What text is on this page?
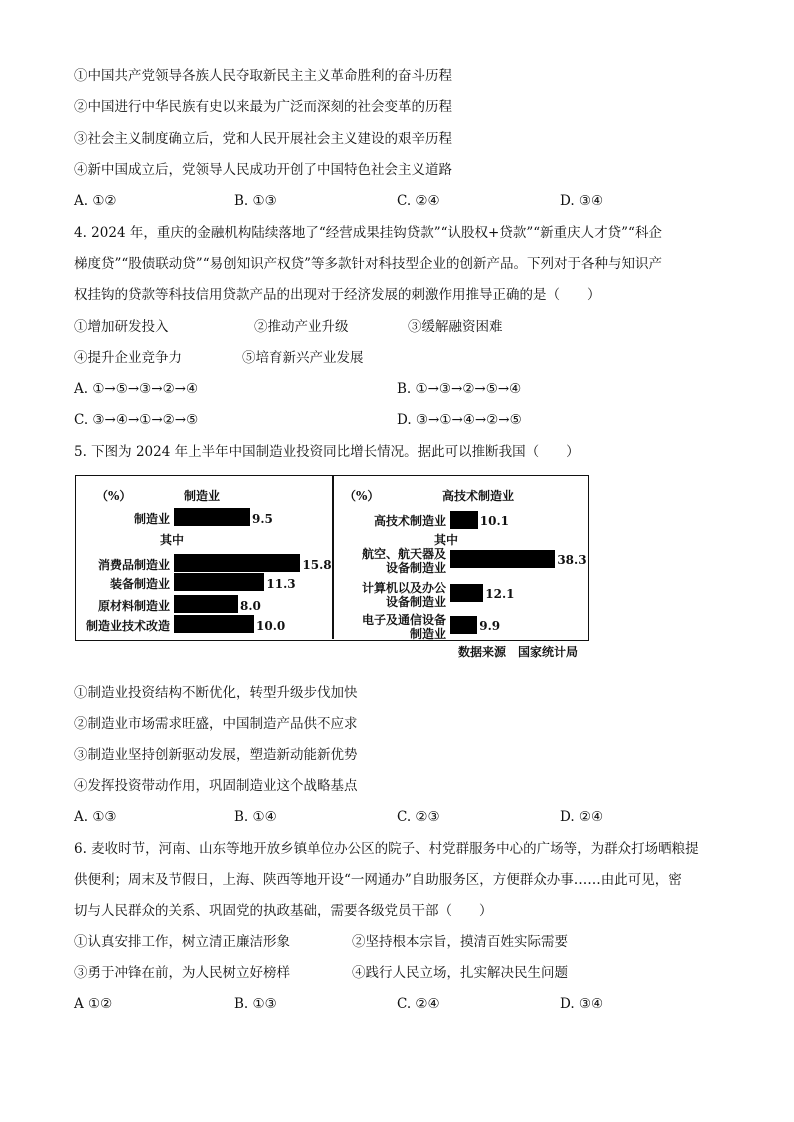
①中国共产党领导各族人民夺取新民主主义革命胜利的奋斗历程
②中国进行中华民族有史以来最为广泛而深刻的社会变革的历程
③社会主义制度确立后，党和人民开展社会主义建设的艰辛历程
④新中国成立后，党领导人民成功开创了中国特色社会主义道路
A. ①②	B. ①③	C. ②④	D. ③④
4. 2024 年，重庆的金融机构陆续落地了“经营成果挂钩贷款”“认股权+贷款”“新重庆人才贷”“科企
梯度贷”“股债联动贷”“易创知识产权贷”等多款针对科技型企业的创新产品。下列对于各种与知识产
权挂钩的贷款等科技信用贷款产品的出现对于经济发展的刺激作用推导正确的是（　　）
①增加研发投入	②推动产业升级	③缓解融资困难
④提升企业竞争力	⑤培育新兴产业发展
A. ①→⑤→③→②→④	B. ①→③→②→⑤→④
C. ③→④→①→②→⑤	D. ③→①→④→②→⑤
5. 下图为 2024 年上半年中国制造业投资同比增长情况。据此可以推断我国（　　）
（%）	制造业
制造业	9.5
消费品制造业	15.8
装备制造业	11.3
原材料制造业	8.0
制造业技术改造	10.0
其中
（%）	高技术制造业
高技术制造业	10.1
航空、航天器及
设备制造业
38.3
计算机以及办公
设备制造业
12.1
电子及通信设备
制造业
9.9
其中
数据来源　国家统计局
①制造业投资结构不断优化，转型升级步伐加快
②制造业市场需求旺盛，中国制造产品供不应求
③制造业坚持创新驱动发展，塑造新动能新优势
④发挥投资带动作用，巩固制造业这个战略基点
A. ①③	B. ①④	C. ②③	D. ②④
6. 麦收时节，河南、山东等地开放乡镇单位办公区的院子、村党群服务中心的广场等，为群众打场晒粮提
供便利；周末及节假日，上海、陕西等地开设“一网通办”自助服务区，方便群众办事……由此可见，密
切与人民群众的关系、巩固党的执政基础，需要各级党员干部（　　）
①认真安排工作，树立清正廉洁形象	②坚持根本宗旨，摸清百姓实际需要
③勇于冲锋在前，为人民树立好榜样	④践行人民立场，扎实解决民生问题
A ①②	B. ①③	C. ②④	D. ③④
